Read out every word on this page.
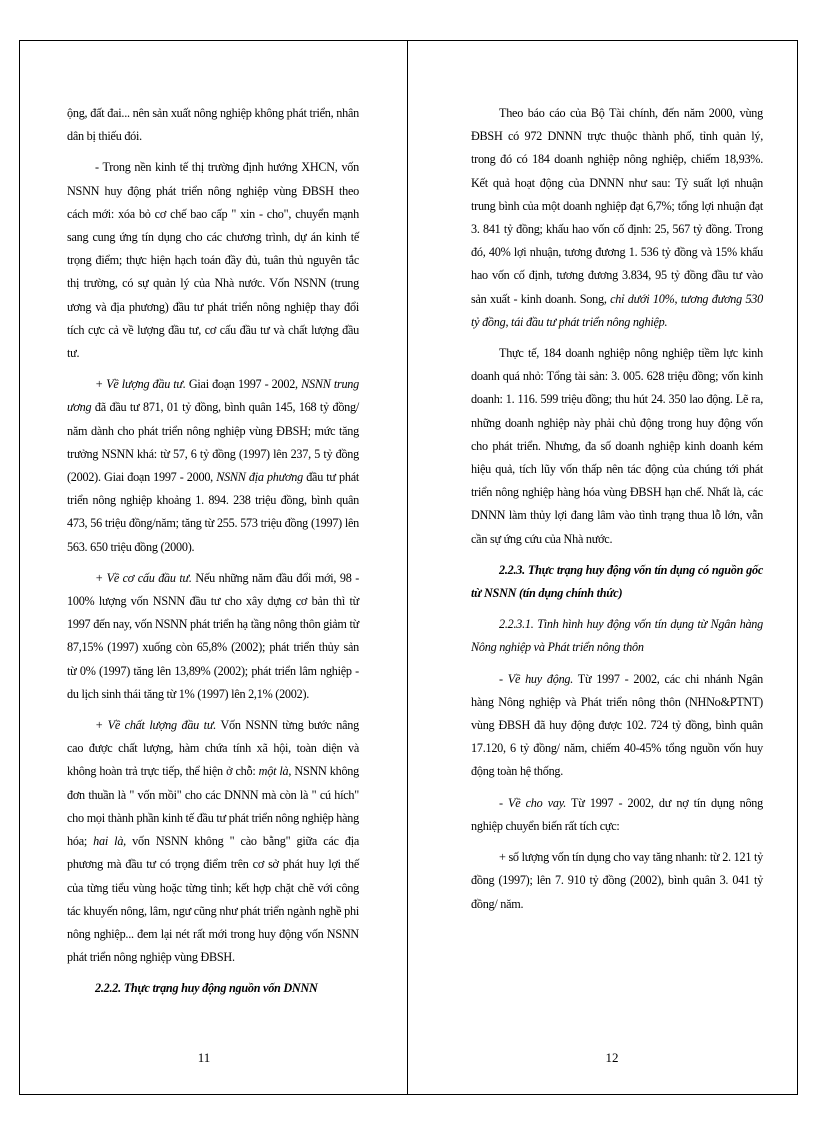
ộng, đất đai... nên sản xuất nông nghiệp không phát triển, nhân dân bị thiếu đói.

- Trong nền kinh tế thị trường định hướng XHCN, vốn NSNN huy động phát triển nông nghiệp vùng ĐBSH theo cách mới: xóa bỏ cơ chế bao cấp " xin - cho", chuyển mạnh sang cung ứng tín dụng cho các chương trình, dự án kinh tế trọng điểm; thực hiện hạch toán đầy đủ, tuân thủ nguyên tắc thị trường, có sự quản lý của Nhà nước. Vốn NSNN (trung ương và địa phương) đầu tư phát triển nông nghiệp thay đổi tích cực cả về lượng đầu tư, cơ cấu đầu tư và chất lượng đầu tư.

+ Về lượng đầu tư. Giai đoạn 1997 - 2002, NSNN trung ương đã đầu tư 871, 01 tỷ đồng, bình quân 145, 168 tỷ đồng/ năm dành cho phát triển nông nghiệp vùng ĐBSH; mức tăng trưởng NSNN khá: từ 57, 6 tỷ đồng (1997) lên 237, 5 tỷ đồng (2002). Giai đoạn 1997 - 2000, NSNN địa phương đầu tư phát triển nông nghiệp khoảng 1. 894. 238 triệu đồng, bình quân 473, 56 triệu đồng/năm; tăng từ 255. 573 triệu đồng (1997) lên 563. 650 triệu đồng (2000).

+ Về cơ cấu đầu tư. Nếu những năm đầu đổi mới, 98 - 100% lượng vốn NSNN đầu tư cho xây dựng cơ bản thì từ 1997 đến nay, vốn NSNN phát triển hạ tầng nông thôn giảm từ 87,15% (1997) xuống còn 65,8% (2002); phát triển thủy sản từ 0% (1997) tăng lên 13,89% (2002); phát triển lâm nghiệp - du lịch sinh thái tăng từ 1% (1997) lên 2,1% (2002).

+ Về chất lượng đầu tư. Vốn NSNN từng bước nâng cao được chất lượng, hàm chứa tính xã hội, toàn diện và không hoàn trả trực tiếp, thể hiện ở chỗ: một là, NSNN không đơn thuần là " vốn mồi" cho các DNNN mà còn là " cú hích" cho mọi thành phần kinh tế đầu tư phát triển nông nghiệp hàng hóa; hai là, vốn NSNN không " cào bằng" giữa các địa phương mà đầu tư có trọng điểm trên cơ sở phát huy lợi thế của từng tiểu vùng hoặc từng tỉnh; kết hợp chặt chẽ với công tác khuyến nông, lâm, ngư cũng như phát triển ngành nghề phi nông nghiệp... đem lại nét rất mới trong huy động vốn NSNN phát triển nông nghiệp vùng ĐBSH.

2.2.2. Thực trạng huy động nguồn vốn DNNN

11

Theo báo cáo của Bộ Tài chính, đến năm 2000, vùng ĐBSH có 972 DNNN trực thuộc thành phố, tỉnh quản lý, trong đó có 184 doanh nghiệp nông nghiệp, chiếm 18,93%. Kết quả hoạt động của DNNN như sau: Tỷ suất lợi nhuận trung bình của một doanh nghiệp đạt 6,7%; tổng lợi nhuận đạt 3. 841 tỷ đồng; khấu hao vốn cố định: 25, 567 tỷ đồng. Trong đó, 40% lợi nhuận, tương đương 1. 536 tỷ đồng và 15% khấu hao vốn cố định, tương đương 3.834, 95 tỷ đồng đầu tư vào sản xuất - kinh doanh. Song, chỉ dưới 10%, tương đương 530 tỷ đồng, tái đầu tư phát triển nông nghiệp.

Thực tế, 184 doanh nghiệp nông nghiệp tiềm lực kinh doanh quá nhỏ: Tổng tài sản: 3. 005. 628 triệu đồng; vốn kinh doanh: 1. 116. 599 triệu đồng; thu hút 24. 350 lao động. Lẽ ra, những doanh nghiệp này phải chủ động trong huy động vốn cho phát triển. Nhưng, đa số doanh nghiệp kinh doanh kém hiệu quả, tích lũy vốn thấp nên tác động của chúng tới phát triển nông nghiệp hàng hóa vùng ĐBSH hạn chế. Nhất là, các DNNN làm thủy lợi đang lâm vào tình trạng thua lỗ lớn, vẫn cần sự ứng cứu của Nhà nước.

2.2.3. Thực trạng huy động vốn tín dụng có nguồn gốc từ NSNN (tín dụng chính thức)

2.2.3.1. Tình hình huy động vốn tín dụng từ Ngân hàng Nông nghiệp và Phát triển nông thôn

- Về huy động. Từ 1997 - 2002, các chi nhánh Ngân hàng Nông nghiệp và Phát triển nông thôn (NHNo&PTNT) vùng ĐBSH đã huy động được 102. 724 tỷ đồng, bình quân 17.120, 6 tỷ đồng/ năm, chiếm 40-45% tổng nguồn vốn huy động toàn hệ thống.

- Về cho vay. Từ 1997 - 2002, dư nợ tín dụng nông nghiệp chuyển biến rất tích cực:

+ số lượng vốn tín dụng cho vay tăng nhanh: từ 2. 121 tỷ đồng (1997); lên 7. 910 tỷ đồng (2002), bình quân 3. 041 tỷ đồng/ năm.

12
